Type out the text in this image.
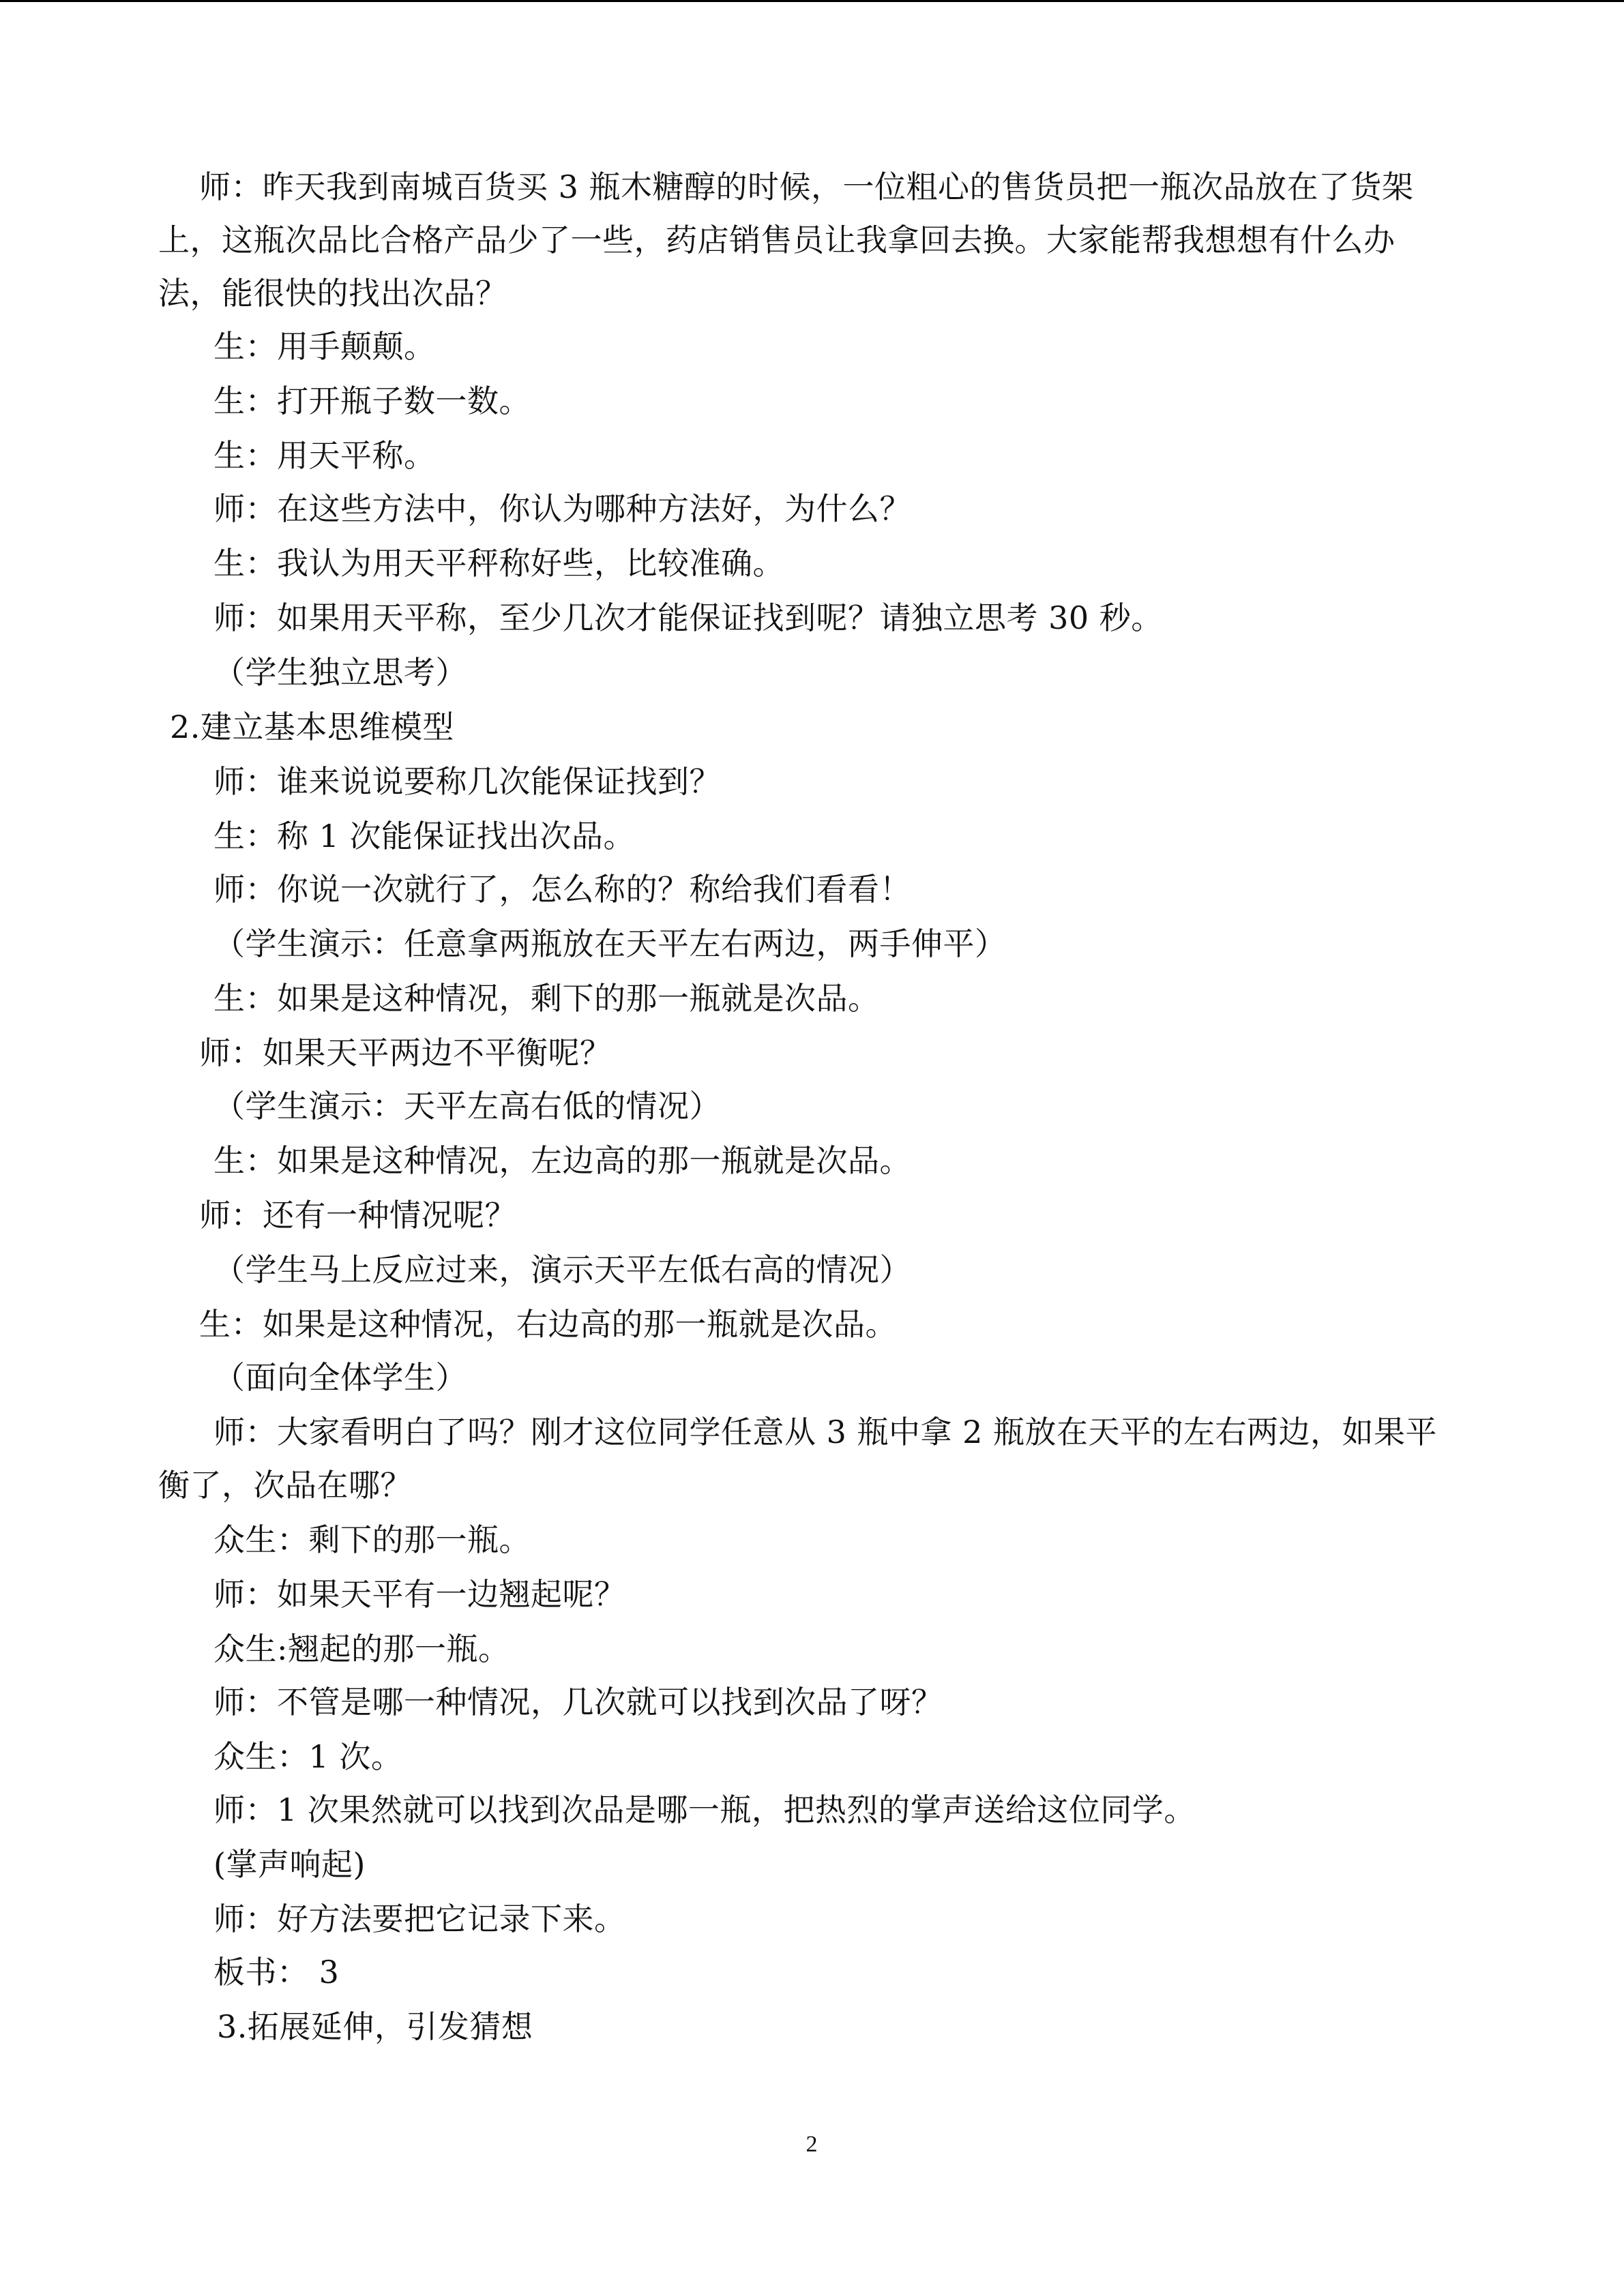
师：昨天我到南城百货买 3 瓶木糖醇的时候，一位粗心的售货员把一瓶次品放在了货架
上，这瓶次品比合格产品少了一些，药店销售员让我拿回去换。大家能帮我想想有什么办
法，能很快的找出次品？
生：用手颠颠。
生：打开瓶子数一数。
生：用天平称。
师：在这些方法中，你认为哪种方法好，为什么？
生：我认为用天平秤称好些，比较准确。
师：如果用天平称，至少几次才能保证找到呢？请独立思考 30 秒。
（学生独立思考）
2.建立基本思维模型
师：谁来说说要称几次能保证找到？
生：称 1 次能保证找出次品。
师：你说一次就行了，怎么称的？称给我们看看！
（学生演示：任意拿两瓶放在天平左右两边，两手伸平）
生：如果是这种情况，剩下的那一瓶就是次品。
师：如果天平两边不平衡呢？
（学生演示：天平左高右低的情况）
生：如果是这种情况，左边高的那一瓶就是次品。
师：还有一种情况呢？
（学生马上反应过来，演示天平左低右高的情况）
生：如果是这种情况，右边高的那一瓶就是次品。
（面向全体学生）
师：大家看明白了吗？刚才这位同学任意从 3 瓶中拿 2 瓶放在天平的左右两边，如果平
衡了，次品在哪？
众生：剩下的那一瓶。
师：如果天平有一边翘起呢？
众生:翘起的那一瓶。
师：不管是哪一种情况，几次就可以找到次品了呀？
众生：1 次。
师：1 次果然就可以找到次品是哪一瓶，把热烈的掌声送给这位同学。
(掌声响起)
师：好方法要把它记录下来。
板书： 3
3.拓展延伸，引发猜想
2
